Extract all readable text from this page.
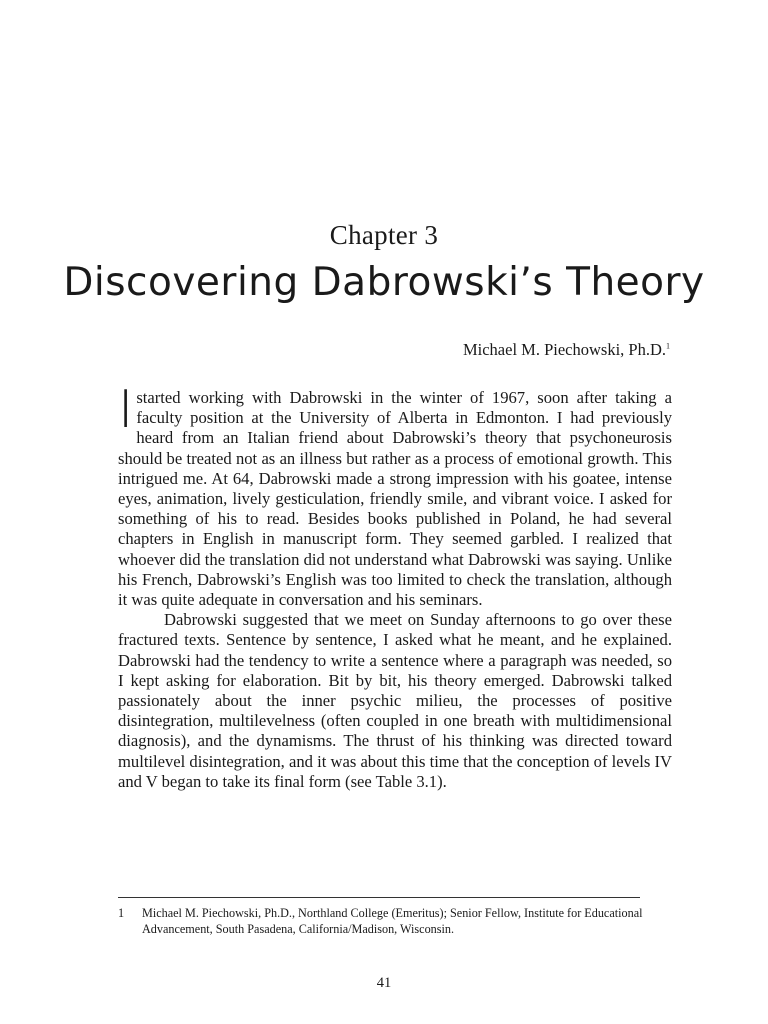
Chapter 3
Discovering Dabrowski’s Theory
Michael M. Piechowski, Ph.D.$^1$

I started working with Dabrowski in the winter of 1967, soon after taking a faculty position at the University of Alberta in Edmonton. I had previously heard from an Italian friend about Dabrowski’s theory that psychoneurosis should be treated not as an illness but rather as a process of emotional growth. This intrigued me. At 64, Dabrowski made a strong impression with his goatee, intense eyes, animation, lively gesticulation, friendly smile, and vibrant voice. I asked for something of his to read. Besides books published in Poland, he had several chapters in English in manuscript form. They seemed garbled. I realized that whoever did the translation did not understand what Dabrowski was saying. Unlike his French, Dabrowski’s English was too limited to check the translation, although it was quite adequate in conversation and his seminars.

Dabrowski suggested that we meet on Sunday afternoons to go over these fractured texts. Sentence by sentence, I asked what he meant, and he explained. Dabrowski had the tendency to write a sentence where a paragraph was needed, so I kept asking for elaboration. Bit by bit, his theory emerged. Dabrowski talked passionately about the inner psychic milieu, the processes of positive disintegration, multilevelness (often coupled in one breath with multidimensional diagnosis), and the dynamisms. The thrust of his thinking was directed toward multilevel disintegration, and it was about this time that the conception of levels IV and V began to take its final form (see Table 3.1).

1 Michael M. Piechowski, Ph.D., Northland College (Emeritus); Senior Fellow, Institute for Educational Advancement, South Pasadena, California/Madison, Wisconsin.
41
